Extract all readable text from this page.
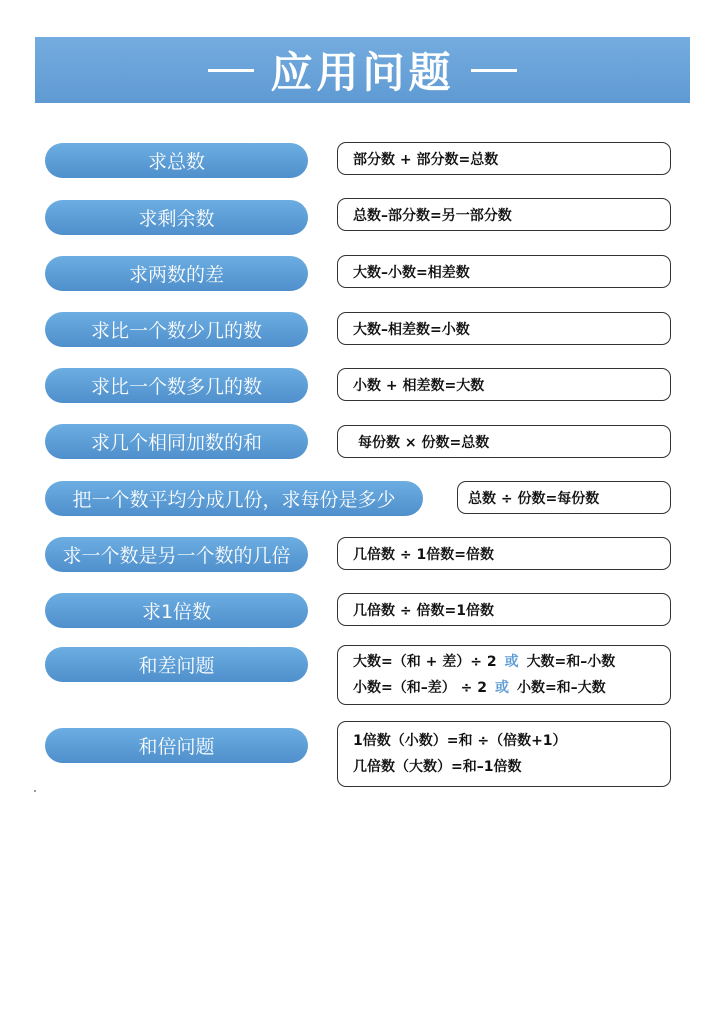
应用问题
求总数	部分数 + 部分数=总数
求剩余数	总数–部分数=另一部分数
求两数的差	大数–小数=相差数
求比一个数少几的数	大数–相差数=小数
求比一个数多几的数	小数 + 相差数=大数
求几个相同加数的和	每份数 × 份数=总数
把一个数平均分成几份，求每份是多少	总数 ÷ 份数=每份数
求一个数是另一个数的几倍	几倍数 ÷ 1倍数=倍数
求1倍数	几倍数 ÷ 倍数=1倍数
和差问题	大数=（和 + 差）÷ 2 或 大数=和–小数
小数=（和–差） ÷ 2 或 小数=和–大数
和倍问题	1倍数（小数）=和 ÷（倍数+1）
几倍数（大数）=和–1倍数
